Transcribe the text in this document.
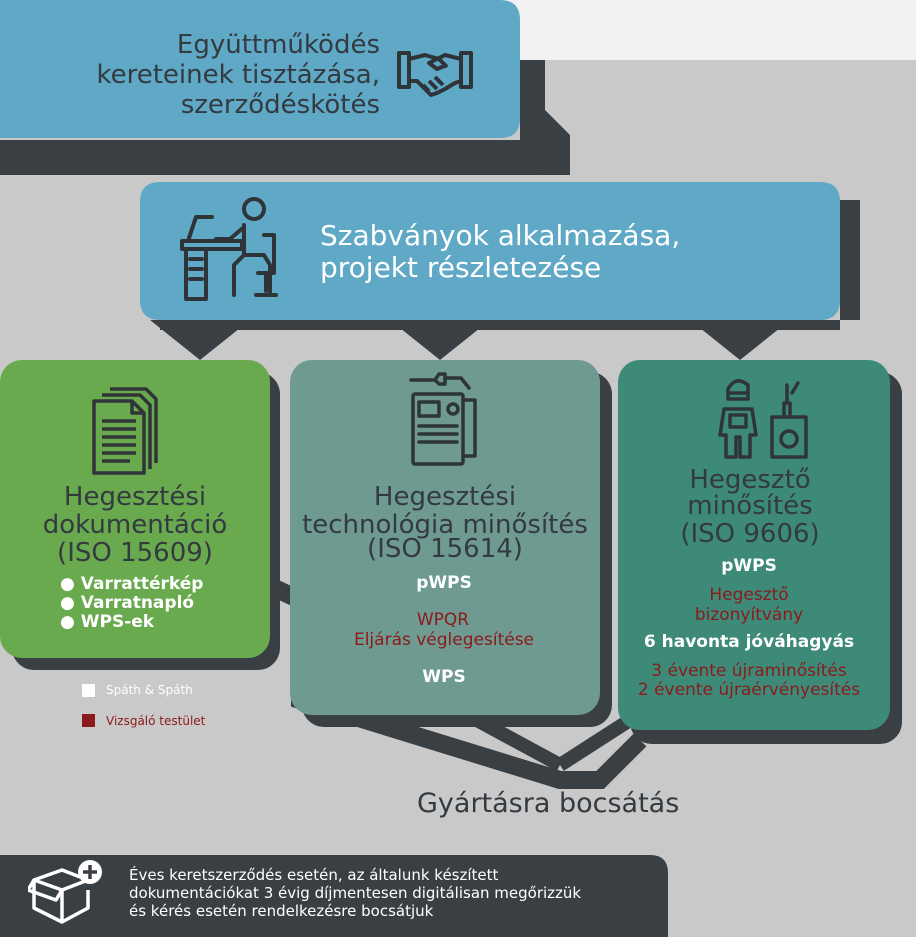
Együttműködés
kereteinek tisztázása,
szerződéskötés
Szabványok alkalmazása,
projekt részletezése
Hegesztési
dokumentáció
(ISO 15609)
● Varrattérkép
● Varratnapló
● WPS-ek
Hegesztési
technológia minősítés
(ISO 15614)
pWPS
WPQR
Eljárás véglegesítése
WPS
Hegesztő
minősítés
(ISO 9606)
pWPS
Hegesztő
bizonyítvány
6 havonta jóváhagyás
3 évente újraminősítés
2 évente újraérvényesítés
Spáth & Spáth
Vizsgáló testület
Gyártásra bocsátás
Éves keretszerződés esetén, az általunk készített
dokumentációkat 3 évig díjmentesen digitálisan megőrizzük
és kérés esetén rendelkezésre bocsátjuk
